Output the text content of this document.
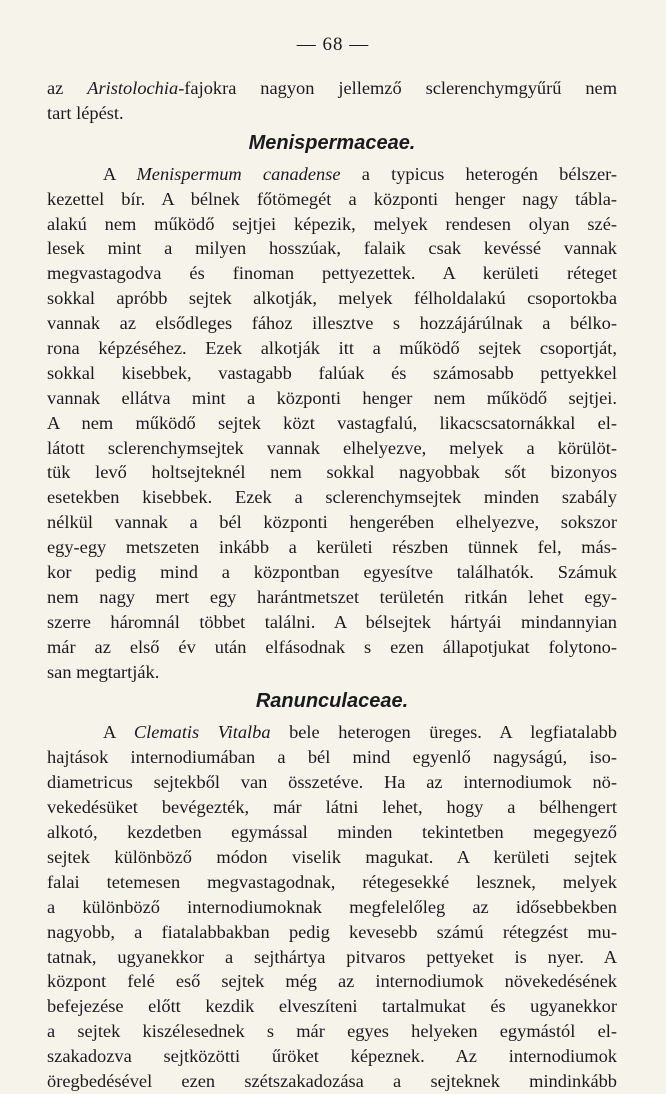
— 68 —
az Aristolochia-fajokra nagyon jellemző sclerenchymgyűrű nem
tart lépést.
Menispermaceae.
A Menispermum canadense a typicus heterogén bélszer-
kezettel bír. A bélnek főtömegét a központi henger nagy tábla-
alakú nem működő sejtjei képezik, melyek rendesen olyan szé-
lesek mint a milyen hosszúak, falaik csak kevéssé vannak
megvastagodva és finoman pettyezettek. A kerületi réteget
sokkal apróbb sejtek alkotják, melyek félholdalakú csoportokba
vannak az elsődleges fához illesztve s hozzájárúlnak a bélko-
rona képzéséhez. Ezek alkotják itt a működő sejtek csoportját,
sokkal kisebbek, vastagabb falúak és számosabb pettyekkel
vannak ellátva mint a központi henger nem működő sejtjei.
A nem működő sejtek közt vastagfalú, likacscsatornákkal el-
látott sclerenchymsejtek vannak elhelyezve, melyek a körülöt-
tük levő holtsejteknél nem sokkal nagyobbak sőt bizonyos
esetekben kisebbek. Ezek a sclerenchymsejtek minden szabály
nélkül vannak a bél központi hengerében elhelyezve, sokszor
egy-egy metszeten inkább a kerületi részben tünnek fel, más-
kor pedig mind a központban egyesítve találhatók. Számuk
nem nagy mert egy harántmetszet területén ritkán lehet egy-
szerre háromnál többet találni. A bélsejtek hártyái mindannyian
már az első év után elfásodnak s ezen állapotjukat folytono-
san megtartják.
Ranunculaceae.
A Clematis Vitalba bele heterogen üreges. A legfiatalabb
hajtások internodiumában a bél mind egyenlő nagyságú, iso-
diametricus sejtekből van összetéve. Ha az internodiumok nö-
vekedésüket bevégezték, már látni lehet, hogy a bélhengert
alkotó, kezdetben egymással minden tekintetben megegyező
sejtek különböző módon viselik magukat. A kerületi sejtek
falai tetemesen megvastagodnak, rétegesekké lesznek, melyek
a különböző internodiumoknak megfelelőleg az idősebbekben
nagyobb, a fiatalabbakban pedig kevesebb számú rétegzést mu-
tatnak, ugyanekkor a sejthártya pitvaros pettyeket is nyer. A
központ felé eső sejtek még az internodiumok növekedésének
befejezése előtt kezdik elveszíteni tartalmukat és ugyanekkor
a sejtek kiszélesednek s már egyes helyeken egymástól el-
szakadozva sejtközötti űröket képeznek. Az internodiumok
öregbedésével ezen szétszakadozása a sejteknek mindinkább
